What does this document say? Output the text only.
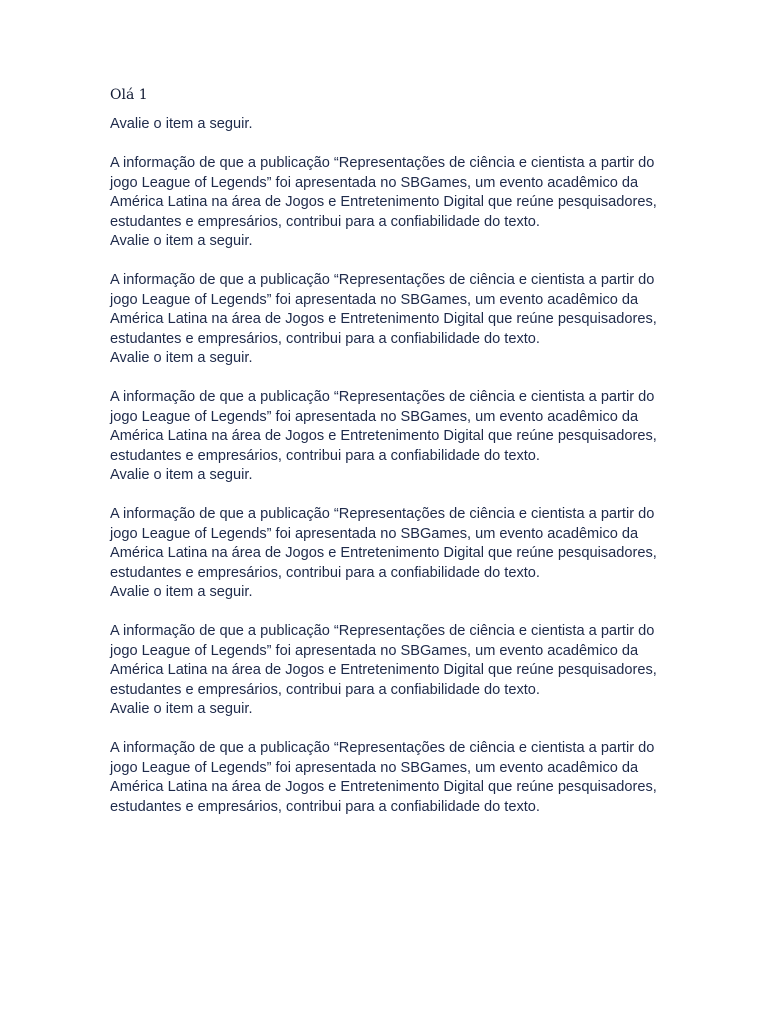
Olá 1
Avalie o item a seguir.
A informação de que a publicação “Representações de ciência e cientista a partir do jogo League of Legends” foi apresentada no SBGames, um evento acadêmico da América Latina na área de Jogos e Entretenimento Digital que reúne pesquisadores, estudantes e empresários, contribui para a confiabilidade do texto.
Avalie o item a seguir.
A informação de que a publicação “Representações de ciência e cientista a partir do jogo League of Legends” foi apresentada no SBGames, um evento acadêmico da América Latina na área de Jogos e Entretenimento Digital que reúne pesquisadores, estudantes e empresários, contribui para a confiabilidade do texto.
Avalie o item a seguir.
A informação de que a publicação “Representações de ciência e cientista a partir do jogo League of Legends” foi apresentada no SBGames, um evento acadêmico da América Latina na área de Jogos e Entretenimento Digital que reúne pesquisadores, estudantes e empresários, contribui para a confiabilidade do texto.
Avalie o item a seguir.
A informação de que a publicação “Representações de ciência e cientista a partir do jogo League of Legends” foi apresentada no SBGames, um evento acadêmico da América Latina na área de Jogos e Entretenimento Digital que reúne pesquisadores, estudantes e empresários, contribui para a confiabilidade do texto.
Avalie o item a seguir.
A informação de que a publicação “Representações de ciência e cientista a partir do jogo League of Legends” foi apresentada no SBGames, um evento acadêmico da América Latina na área de Jogos e Entretenimento Digital que reúne pesquisadores, estudantes e empresários, contribui para a confiabilidade do texto.
Avalie o item a seguir.
A informação de que a publicação “Representações de ciência e cientista a partir do jogo League of Legends” foi apresentada no SBGames, um evento acadêmico da América Latina na área de Jogos e Entretenimento Digital que reúne pesquisadores, estudantes e empresários, contribui para a confiabilidade do texto.
